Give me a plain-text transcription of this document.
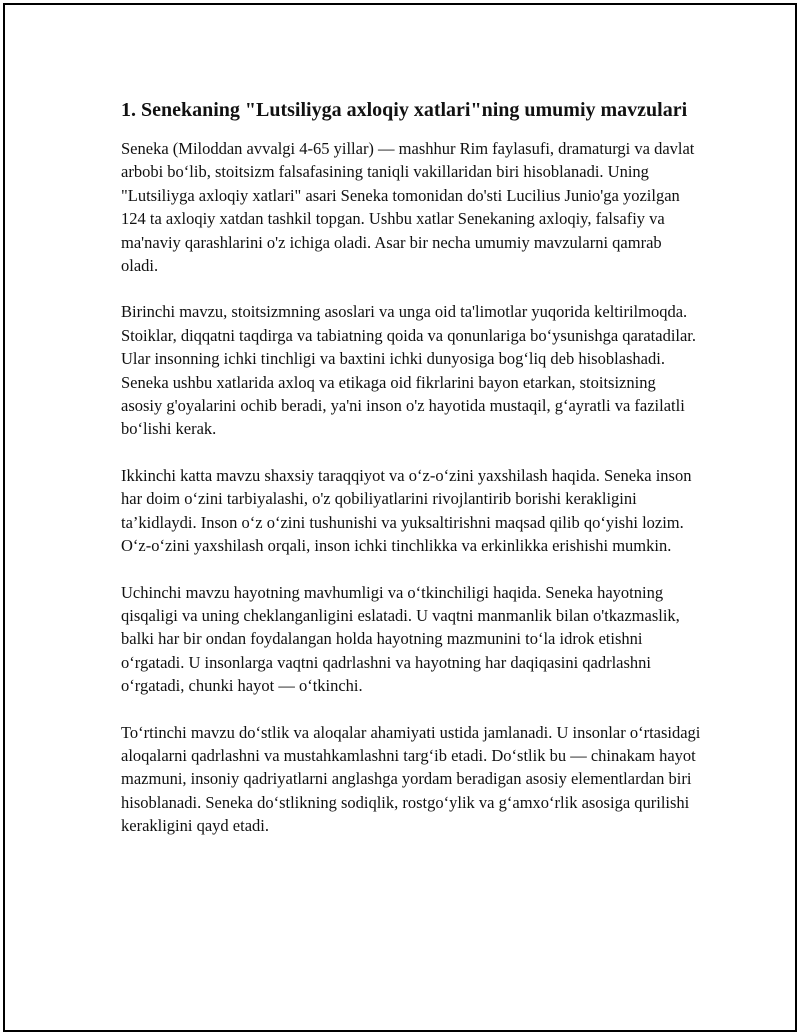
1. Senekaning "Lutsiliyga axloqiy xatlari"ning umumiy mavzulari

Seneka (Miloddan avvalgi 4-65 yillar) — mashhur Rim faylasufi, dramaturgi va davlat arbobi bo‘lib, stoitsizm falsafasining taniqli vakillaridan biri hisoblanadi. Uning "Lutsiliyga axloqiy xatlari" asari Seneka tomonidan do'sti Lucilius Junio'ga yozilgan 124 ta axloqiy xatdan tashkil topgan. Ushbu xatlar Senekaning axloqiy, falsafiy va ma'naviy qarashlarini o'z ichiga oladi. Asar bir necha umumiy mavzularni qamrab oladi.

Birinchi mavzu, stoitsizmning asoslari va unga oid ta'limotlar yuqorida keltirilmoqda. Stoiklar, diqqatni taqdirga va tabiatning qoida va qonunlariga bo‘ysunishga qaratadilar. Ular insonning ichki tinchligi va baxtini ichki dunyosiga bog‘liq deb hisoblashadi. Seneka ushbu xatlarida axloq va etikaga oid fikrlarini bayon etarkan, stoitsizning asosiy g'oyalarini ochib beradi, ya'ni inson o'z hayotida mustaqil, g‘ayratli va fazilatli bo‘lishi kerak.

Ikkinchi katta mavzu shaxsiy taraqqiyot va o‘z-o‘zini yaxshilash haqida. Seneka inson har doim o‘zini tarbiyalashi, o'z qobiliyatlarini rivojlantirib borishi kerakligini ta’kidlaydi. Inson o‘z o‘zini tushunishi va yuksaltirishni maqsad qilib qo‘yishi lozim. O‘z-o‘zini yaxshilash orqali, inson ichki tinchlikka va erkinlikka erishishi mumkin.

Uchinchi mavzu hayotning mavhumligi va o‘tkinchiligi haqida. Seneka hayotning qisqaligi va uning cheklanganligini eslatadi. U vaqtni manmanlik bilan o'tkazmaslik, balki har bir ondan foydalangan holda hayotning mazmunini to‘la idrok etishni o‘rgatadi. U insonlarga vaqtni qadrlashni va hayotning har daqiqasini qadrlashni o‘rgatadi, chunki hayot — o‘tkinchi.

To‘rtinchi mavzu do‘stlik va aloqalar ahamiyati ustida jamlanadi. U insonlar o‘rtasidagi aloqalarni qadrlashni va mustahkamlashni targ‘ib etadi. Do‘stlik bu — chinakam hayot mazmuni, insoniy qadriyatlarni anglashga yordam beradigan asosiy elementlardan biri hisoblanadi. Seneka do‘stlikning sodiqlik, rostgo‘ylik va g‘amxo‘rlik asosiga qurilishi kerakligini qayd etadi.
